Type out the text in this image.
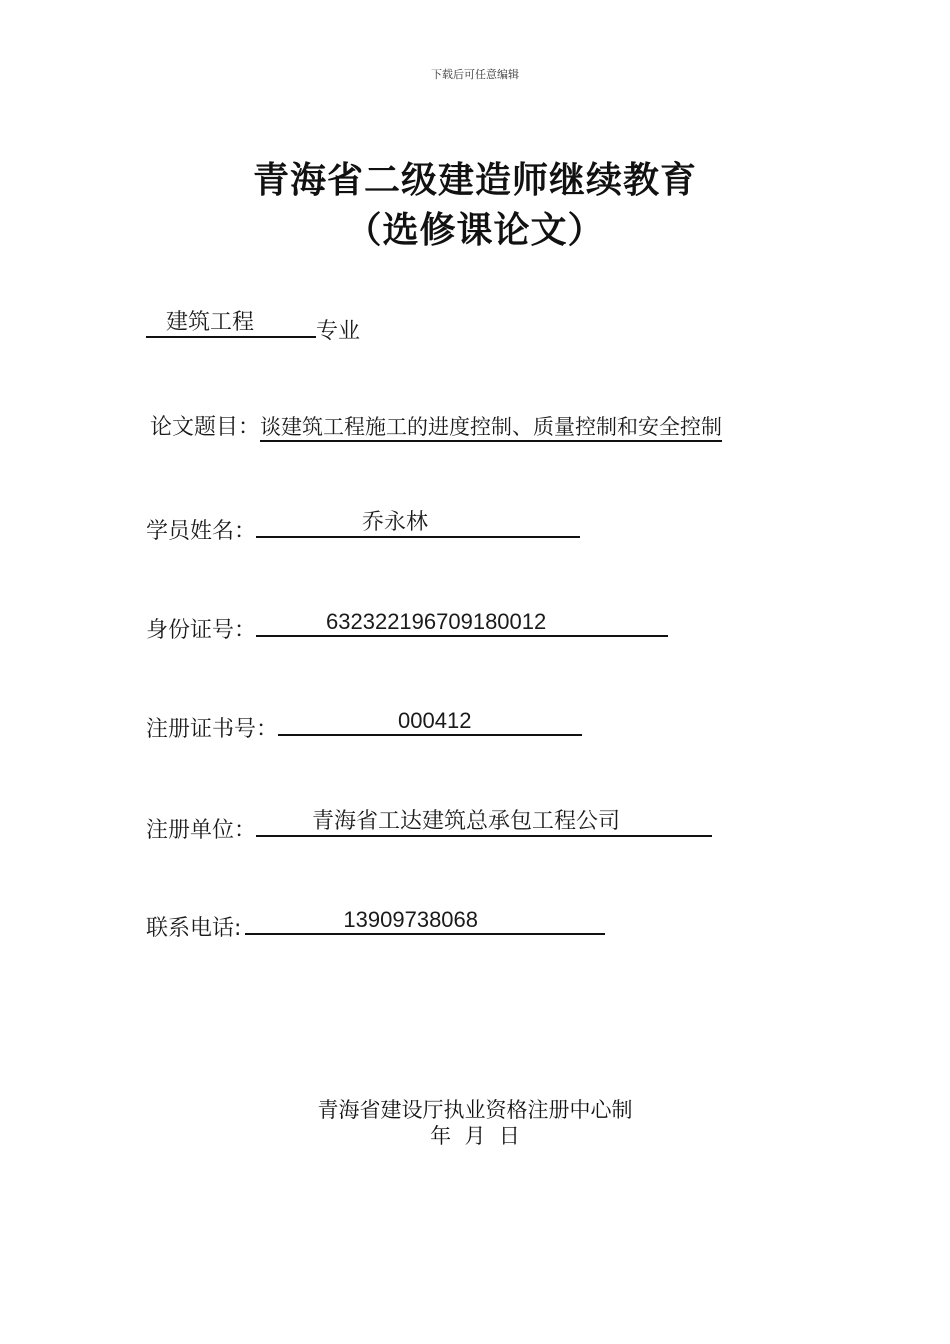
下载后可任意编辑
青海省二级建造师继续教育
（选修课论文）
建筑工程	专业
论文题目：谈建筑工程施工的进度控制、质量控制和安全控制
学员姓名：	乔永林
身份证号：	632322196709180012
注册证书号：	000412
注册单位：	青海省工达建筑总承包工程公司
联系电话:	13909738068
青海省建设厅执业资格注册中心制
年  月  日
